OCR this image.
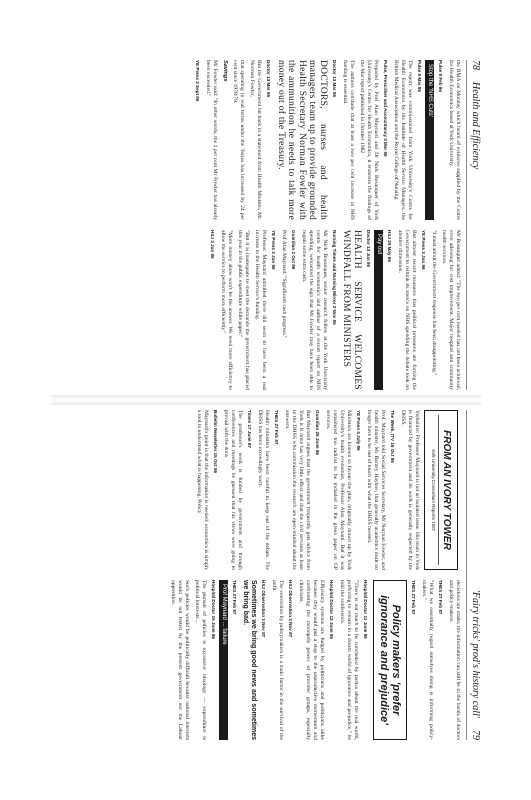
78
Health and Efficiency

the BMA on Monday which heard of evidence supplied by the Centre for Health Economics based at York University.

Pulse 8 Feb 86

Stop the 'NHS Cuts'

Pulse 8 Mar 86

The report was commissioned from York University's Centre for Health Economics by the Institute of Health Service Managers, the British Medical Association and the Royal College of Nursing.

Pulse, Prescriber and Accountancy 3 Mar 86

Prepared by Prof Alan Maynard and Dr Nick Bosanquet of York University's Centre for Health Economics, it endorses the findings of the Mar report published in October 1982.

The authors conclude that at least a two per cent increase in NHS funding is essential.

Doctor 13 Mar 86

DOCTORS, nurses and health managers team up to provide grounded Health Secretary Norman Fowler with the ammunition he needs to talk more money out of the Treasury.

Doctor 13 Mar 86

But the Government hit back in a statement from Health Minister, Mr. Norman Fowler,

that spending in real terms under the Tories has increased by 24 per cent since 1978/79.

Savings

Mr Fowler said: "In other words, the 2 per cent Mr Fowler has already been exceeded."

YE Press 3 Sept 86

Mr Bosanquet added: "The two per cent needed has not been achieved, even allowing for cost improvement. Major hospital and community health services.

"I must admit the Government response has been disappointing."

YE Press 3 Jun 86

But almost recent measures that political pressures are forcing the Government to rethink its stance on NHS spending the debate took on another dimension.

HSJ 29 May 86

Pay out

Doctor 13 Jun 86

HEALTH SERVICE WELCOMES WINDFALL FROM MINISTERS

Nursing Times and Nursing Mirror 2 Nov 86

Mr Nick Bosanquet, senior research fellow at the York University centre for health economics and author of a recent report on NHS spending, welcomed the sign that Mr Fowler may have been able to regain some extra cash.

Guardian 2 Oct 86

Prof Alan Maynard: "Significant cash progress."

YE Press 3 Jun 86

Professor Maynard admitted there did seem to have been a real increase in the Health Service's funding.

"But it is inadequate to meet the demands the government has placed this year in the public expenditure white paper."

"More money alone won't be the answer. We need more efficiency to allow the service to perform more efficiently."

HSJ 3 Jun 86

79
'Fairy tricks' prod's history call'
FROM AN IVORY TOWER
York University Consortium Reports 1987

Yorkshire: Professor Maynard is not an isolated issue. His team in York is financed by government and its work is generally respected by the DHSS.

The Week, ITV 16 Oct 86

Prof. Maynard told Social Services Secretary, Mr Norman Fowler, and health minister, Mr Barney Hayhoe, that generally academics dealt no longer have to be out of touch with what the DHSS needed.

YE Press 4 July 86

Ministers are known to favour the plan, originally drawn up by York University's health economist, Professor Alan Maynard. But it was considered too radical to be included in the green paper on GP services.

Guardian 25 June 86

But Maynard argues that the government frequently gets advice from York it is done has very little effect and that the civil servants at least in the DHSS who commission the research are open-minded about the answers.

THES 27 Feb 87

Health ministers have been careful to keep out of the debate. The DHSS has been exceedingly wary.

Times 17 June 87

The professor's work is funded by government and through conferences and meetings he guessed that his views were going to prevail with the dons.

Bulletin Newsletter 15 Oct 86

Maynard's point is that the information is needed: economics is simply a tool to understand what is happening. Policy

decisions are made; the information can still be in the hands of doctors and policy-makers.

THES 27 Feb 87

"What we essentially regard ourselves doing is informing policy-makers."

THES 27 Feb 87

Policy makers 'prefer ignorance and prejudice'

Hospital Doctor 11 June 86

"There is not much to be concluded by tactics about the real world, preferring to remain in a dream world of ignorance and prejudice," he told the conference.

Hospital Doctor 12 June 86

Efficiency systems are fudged by politicians and politicians alike because they would put a stop to the unproductive momentum and confronting the monopoly power of provider groups, especially clinicians.

HSJ Observation 3 Nov 87

The conviction by policymakers is a main factor in the survival of the unfit.

HSJ Observation 3 Nov 87

Sometimes we bring good news and sometimes we bring bad.

THES 27 Feb 87

Prof Maynard ... failure

Hospital Doctor 15 June 86

The pursuit of policies is excessive: ideology — expenditure is political interests...

Such policies would be politically difficult because national interests would be not tested by the present government nor the Labour opposition.
